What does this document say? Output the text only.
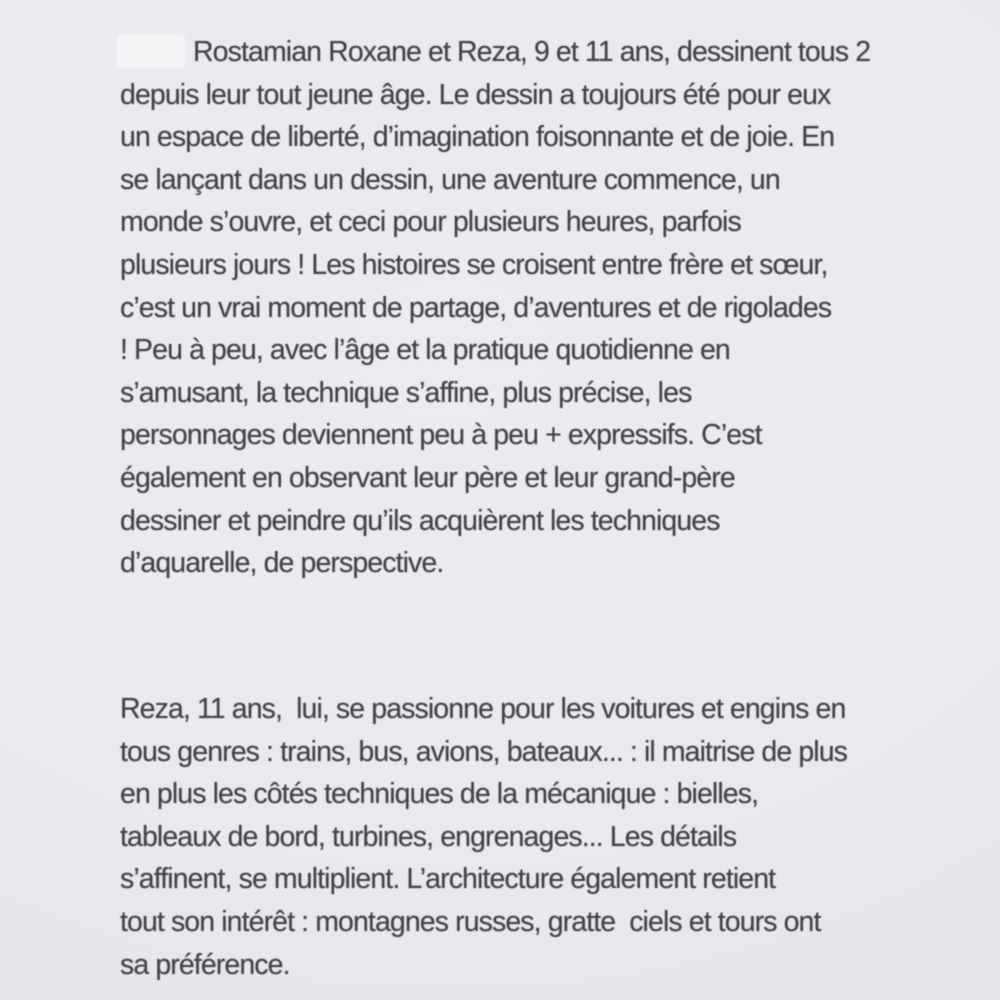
Rostamian Roxane et Reza, 9 et 11 ans, dessinent tous 2
depuis leur tout jeune âge. Le dessin a toujours été pour eux
un espace de liberté, d’imagination foisonnante et de joie. En
se lançant dans un dessin, une aventure commence, un
monde s’ouvre, et ceci pour plusieurs heures, parfois
plusieurs jours ! Les histoires se croisent entre frère et sœur,
c’est un vrai moment de partage, d’aventures et de rigolades
! Peu à peu, avec l’âge et la pratique quotidienne en
s’amusant, la technique s’affine, plus précise, les
personnages deviennent peu à peu + expressifs. C’est
également en observant leur père et leur grand-père
dessiner et peindre qu’ils acquièrent les techniques
d’aquarelle, de perspective.
Reza, 11 ans,  lui, se passionne pour les voitures et engins en
tous genres : trains, bus, avions, bateaux... : il maitrise de plus
en plus les côtés techniques de la mécanique : bielles,
tableaux de bord, turbines, engrenages... Les détails
s’affinent, se multiplient. L’architecture également retient
tout son intérêt : montagnes russes, gratte  ciels et tours ont
sa préférence.
